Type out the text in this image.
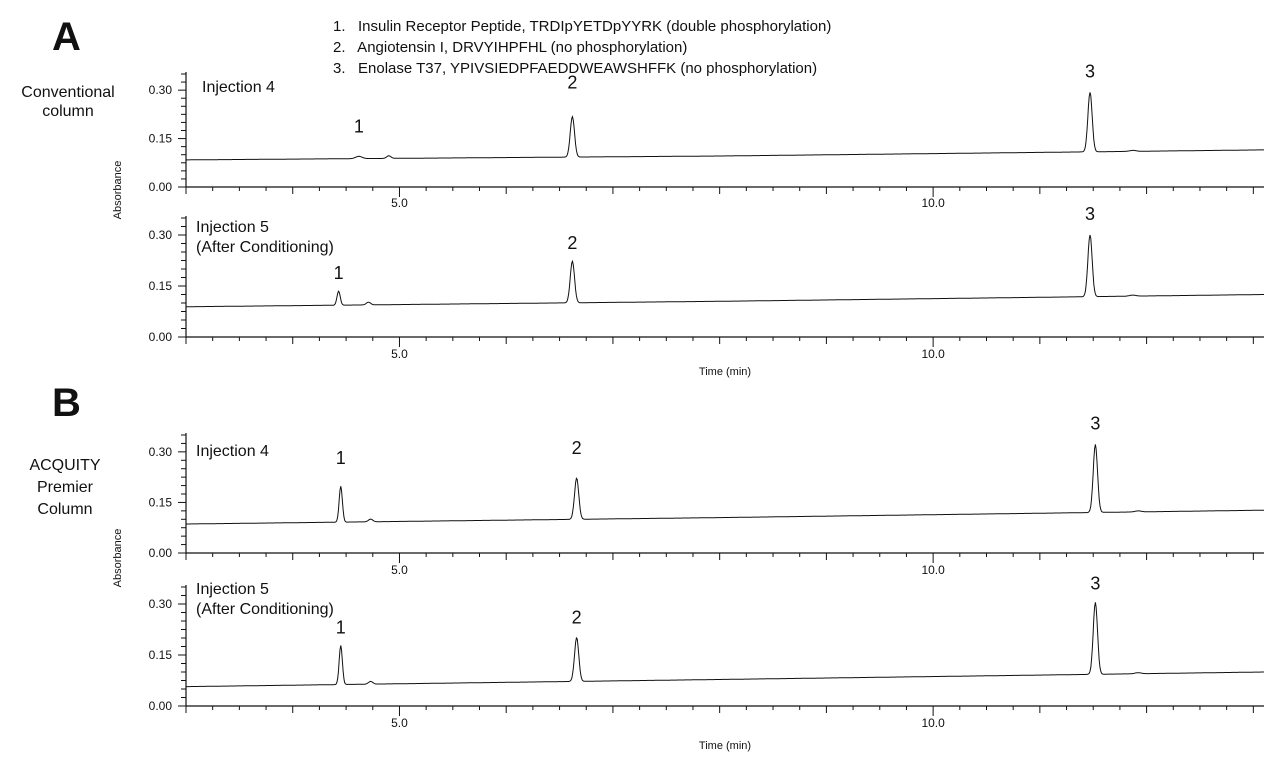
1.   Insulin Receptor Peptide, TRDIpYETDpYYRK (double phosphorylation)
2.   Angiotensin I, DRVYIHPFHL (no phosphorylation)
3.   Enolase T37, YPIVSIEDPFAEDDWEAWSHFFK (no phosphorylation)
A
Conventional
column
B
ACQUITY
Premier
Column
Absorbance
Time (min)
Absorbance
Time (min)
0.00
0.15
0.30
5.0	10.0
Injection 4
1
2
3
0.00
0.15
0.30
5.0	10.0
Injection 5
(After Conditioning)
1
2
3
0.00
0.15
0.30
5.0	10.0
Injection 4	1
2
3
0.00
0.15
0.30
5.0	10.0
Injection 5
(After Conditioning)
1	2
3
